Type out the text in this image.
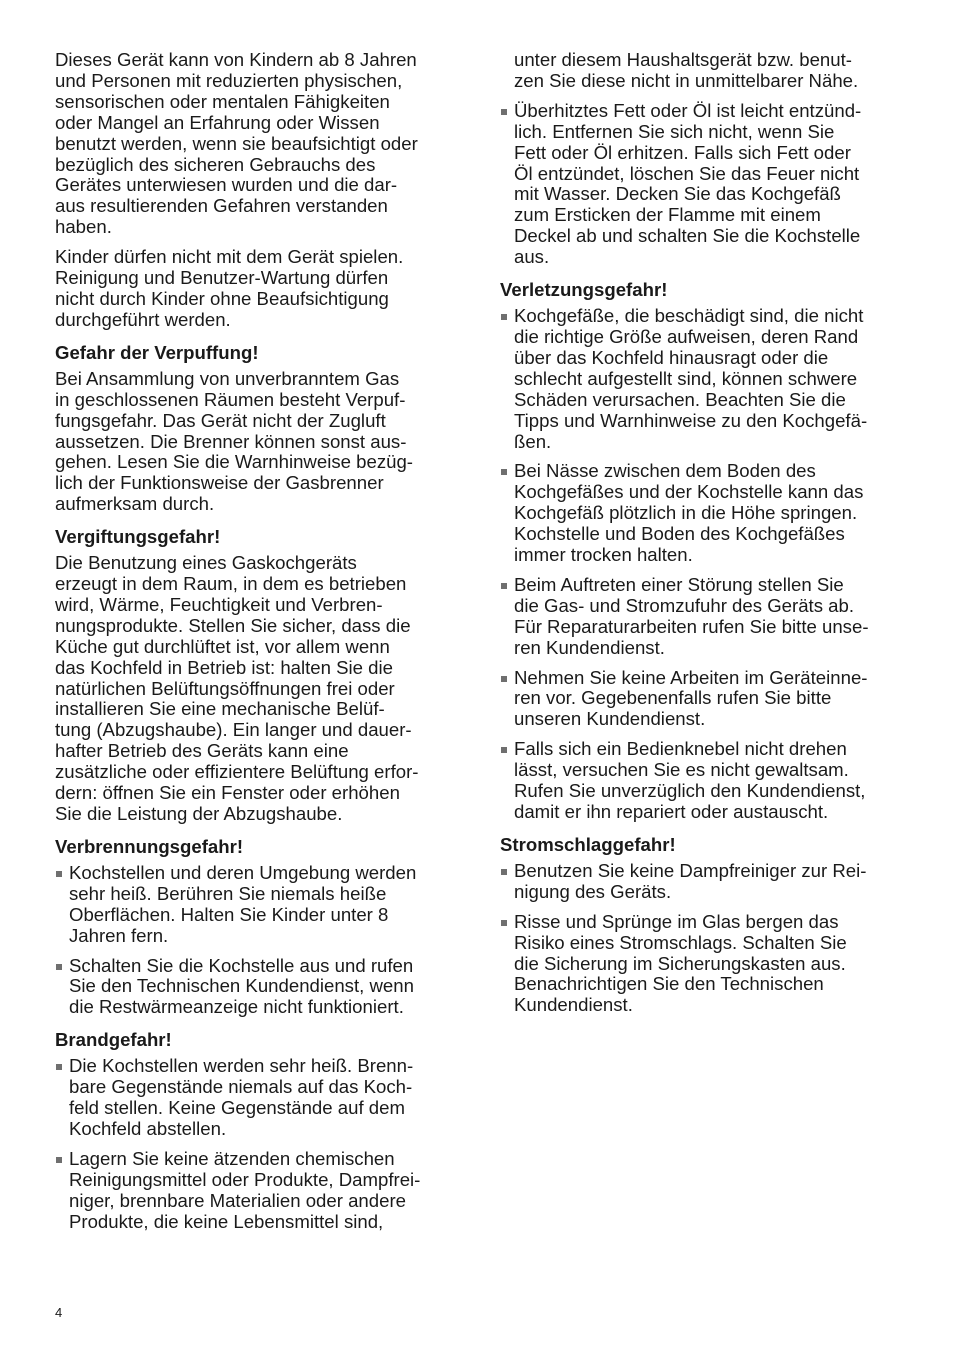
Dieses Gerät kann von Kindern ab 8 Jahren
und Personen mit reduzierten physischen,
sensorischen oder mentalen Fähigkeiten
oder Mangel an Erfahrung oder Wissen
benutzt werden, wenn sie beaufsichtigt oder
bezüglich des sicheren Gebrauchs des
Gerätes unterwiesen wurden und die dar-
aus resultierenden Gefahren verstanden
haben.

Kinder dürfen nicht mit dem Gerät spielen.
Reinigung und Benutzer-Wartung dürfen
nicht durch Kinder ohne Beaufsichtigung
durchgeführt werden.

Gefahr der Verpuffung!

Bei Ansammlung von unverbranntem Gas
in geschlossenen Räumen besteht Verpuf-
fungsgefahr. Das Gerät nicht der Zugluft
aussetzen. Die Brenner können sonst aus-
gehen. Lesen Sie die Warnhinweise bezüg-
lich der Funktionsweise der Gasbrenner
aufmerksam durch.

Vergiftungsgefahr!

Die Benutzung eines Gaskochgeräts
erzeugt in dem Raum, in dem es betrieben
wird, Wärme, Feuchtigkeit und Verbren-
nungsprodukte. Stellen Sie sicher, dass die
Küche gut durchlüftet ist, vor allem wenn
das Kochfeld in Betrieb ist: halten Sie die
natürlichen Belüftungsöffnungen frei oder
installieren Sie eine mechanische Belüf-
tung (Abzugshaube). Ein langer und dauer-
hafter Betrieb des Geräts kann eine
zusätzliche oder effizientere Belüftung erfor-
dern: öffnen Sie ein Fenster oder erhöhen
Sie die Leistung der Abzugshaube.

Verbrennungsgefahr!
Kochstellen und deren Umgebung werden
sehr heiß. Berühren Sie niemals heiße
Oberflächen. Halten Sie Kinder unter 8
Jahren fern.
Schalten Sie die Kochstelle aus und rufen
Sie den Technischen Kundendienst, wenn
die Restwärmeanzeige nicht funktioniert.
Brandgefahr!
Die Kochstellen werden sehr heiß. Brenn-
bare Gegenstände niemals auf das Koch-
feld stellen. Keine Gegenstände auf dem
Kochfeld abstellen.
Lagern Sie keine ätzenden chemischen
Reinigungsmittel oder Produkte, Dampfrei-
niger, brennbare Materialien oder andere
Produkte, die keine Lebensmittel sind,

unter diesem Haushaltsgerät bzw. benut-
zen Sie diese nicht in unmittelbarer Nähe.

Überhitztes Fett oder Öl ist leicht entzünd-
lich. Entfernen Sie sich nicht, wenn Sie
Fett oder Öl erhitzen. Falls sich Fett oder
Öl entzündet, löschen Sie das Feuer nicht
mit Wasser. Decken Sie das Kochgefäß
zum Ersticken der Flamme mit einem
Deckel ab und schalten Sie die Kochstelle
aus.
Verletzungsgefahr!
Kochgefäße, die beschädigt sind, die nicht
die richtige Größe aufweisen, deren Rand
über das Kochfeld hinausragt oder die
schlecht aufgestellt sind, können schwere
Schäden verursachen. Beachten Sie die
Tipps und Warnhinweise zu den Kochgefä-
ßen.
Bei Nässe zwischen dem Boden des
Kochgefäßes und der Kochstelle kann das
Kochgefäß plötzlich in die Höhe springen.
Kochstelle und Boden des Kochgefäßes
immer trocken halten.
Beim Auftreten einer Störung stellen Sie
die Gas- und Stromzufuhr des Geräts ab.
Für Reparaturarbeiten rufen Sie bitte unse-
ren Kundendienst.
Nehmen Sie keine Arbeiten im Geräteinne-
ren vor. Gegebenenfalls rufen Sie bitte
unseren Kundendienst.
Falls sich ein Bedienknebel nicht drehen
lässt, versuchen Sie es nicht gewaltsam.
Rufen Sie unverzüglich den Kundendienst,
damit er ihn repariert oder austauscht.
Stromschlaggefahr!
Benutzen Sie keine Dampfreiniger zur Rei-
nigung des Geräts.
Risse und Sprünge im Glas bergen das
Risiko eines Stromschlags. Schalten Sie
die Sicherung im Sicherungskasten aus.
Benachrichtigen Sie den Technischen
Kundendienst.
4
